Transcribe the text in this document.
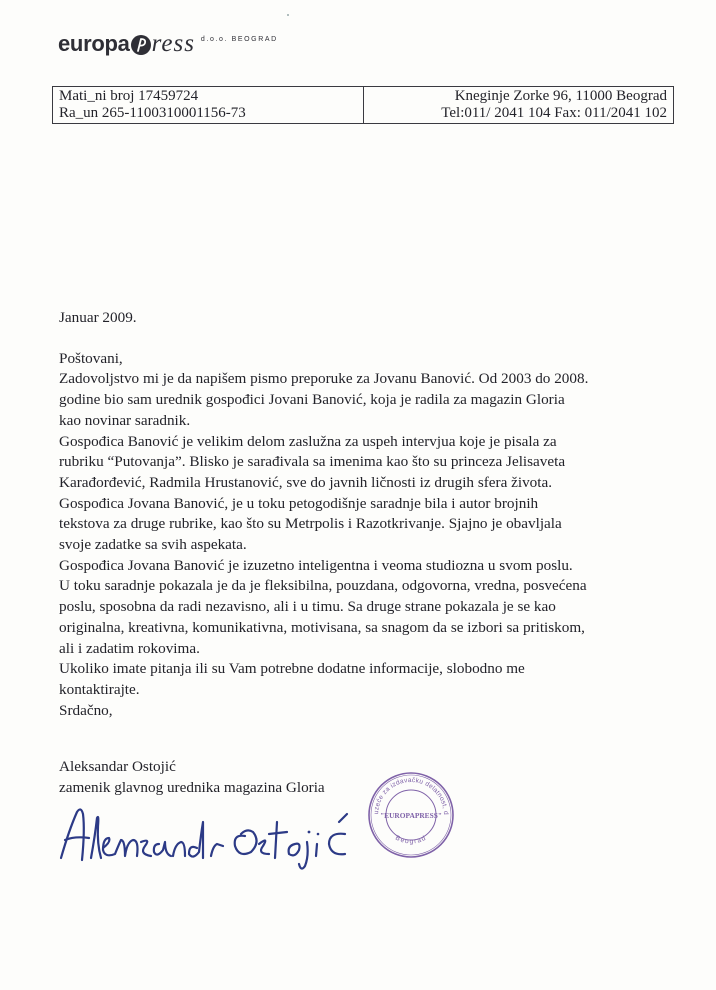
europa ress d.o.o. BEOGRAD
Mati_ni broj 17459724
Ra_un 265-1100310001156-73
Kneginje Zorke 96, 11000 Beograd
Tel:011/ 2041 104 Fax: 011/2041 102

Januar 2009.

Poštovani,

Zadovoljstvo mi je da napišem pismo preporuke za Jovanu Banović. Od 2003 do 2008.

godine bio sam urednik gospođici Jovani Banović, koja je radila za magazin Gloria

kao novinar saradnik.

Gospođica Banović je velikim delom zaslužna za uspeh intervjua koje je pisala za

rubriku “Putovanja”. Blisko je sarađivala sa imenima kao što su princeza Jelisaveta

Karađorđević, Radmila Hrustanović, sve do javnih ličnosti iz drugih sfera života.

Gospođica Jovana Banović, je u toku petogodišnje saradnje bila i autor brojnih

tekstova za druge rubrike, kao što su Metrpolis i Razotkrivanje. Sjajno je obavljala

svoje zadatke sa svih aspekata.

Gospođica Jovana Banović je izuzetno inteligentna i veoma studiozna u svom poslu.

U toku saradnje pokazala je da je fleksibilna, pouzdana, odgovorna, vredna, posvećena

poslu, sposobna da radi nezavisno, ali i u timu. Sa druge strane pokazala je se kao

originalna, kreativna, komunikativna, motivisana, sa snagom da se izbori sa pritiskom,

ali i zadatim rokovima.

Ukoliko imate pitanja ili su Vam potrebne dodatne informacije, slobodno me

kontaktirajte.

Srdačno,

Aleksandar Ostojić

zamenik glavnog urednika magazina Gloria

uzeće za izdavačku delatnost, d
"EUROPAPRESS"
Beograd
